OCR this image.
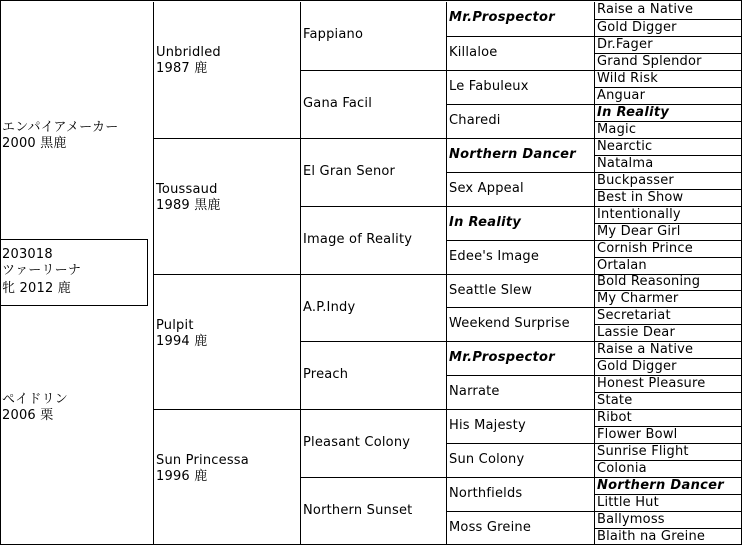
203018
ツァーリーナ
牝 2012 鹿
エンパイアメーカー
2000 黒鹿
ペイドリン
2006 栗
Unbridled
1987 鹿
Toussaud
1989 黒鹿
Pulpit
1994 鹿
Sun Princessa
1996 鹿
Fappiano
Gana Facil
El Gran Senor
Image of Reality
A.P.Indy
Preach
Pleasant Colony
Northern Sunset
Mr.Prospector
Killaloe
Le Fabuleux
Charedi
Northern Dancer
Sex Appeal
In Reality
Edee's Image
Seattle Slew
Weekend Surprise
Mr.Prospector
Narrate
His Majesty
Sun Colony
Northfields
Moss Greine
Raise a Native
Gold Digger
Dr.Fager
Grand Splendor
Wild Risk
Anguar
In Reality
Magic
Nearctic
Natalma
Buckpasser
Best in Show
Intentionally
My Dear Girl
Cornish Prince
Ortalan
Bold Reasoning
My Charmer
Secretariat
Lassie Dear
Raise a Native
Gold Digger
Honest Pleasure
State
Ribot
Flower Bowl
Sunrise Flight
Colonia
Northern Dancer
Little Hut
Ballymoss
Blaith na Greine
